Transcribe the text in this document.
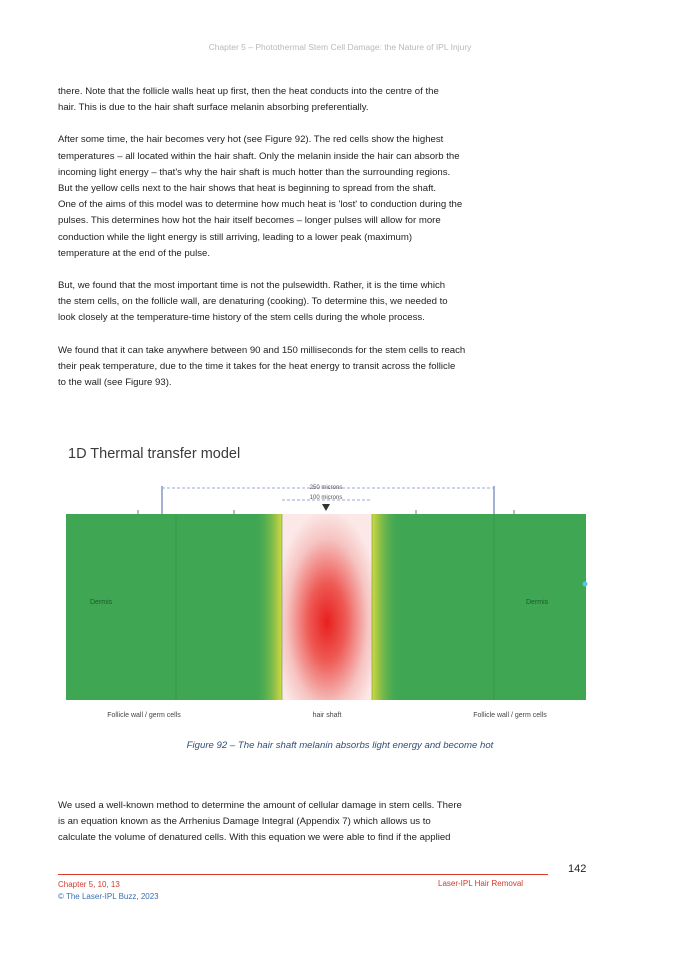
Chapter 5 – Photothermal Stem Cell Damage: the Nature of IPL Injury

there. Note that the follicle walls heat up first, then the heat conducts into the centre of the

hair. This is due to the hair shaft surface melanin absorbing preferentially.

After some time, the hair becomes very hot (see Figure 92). The red cells show the highest

temperatures – all located within the hair shaft. Only the melanin inside the hair can absorb the

incoming light energy – that's why the hair shaft is much hotter than the surrounding regions.

But the yellow cells next to the hair shows that heat is beginning to spread from the shaft.

One of the aims of this model was to determine how much heat is 'lost' to conduction during the

pulses. This determines how hot the hair itself becomes – longer pulses will allow for more

conduction while the light energy is still arriving, leading to a lower peak (maximum)

temperature at the end of the pulse.

But, we found that the most important time is not the pulsewidth. Rather, it is the time which

the stem cells, on the follicle wall, are denaturing (cooking). To determine this, we needed to

look closely at the temperature-time history of the stem cells during the whole process.

We found that it can take anywhere between 90 and 150 milliseconds for the stem cells to reach

their peak temperature, due to the time it takes for the heat energy to transit across the follicle

to the wall (see Figure 93).

1D Thermal transfer model
250 microns
100 microns
Dermis	Dermis
Follicle wall / germ cells	hair shaft	Follicle wall / germ cells
Figure 92 – The hair shaft melanin absorbs light energy and become hot

We used a well-known method to determine the amount of cellular damage in stem cells. There

is an equation known as the Arrhenius Damage Integral (Appendix 7) which allows us to

calculate the volume of denatured cells. With this equation we were able to find if the applied

142
Chapter 5, 10, 13
© The Laser-IPL Buzz, 2023
Laser-IPL Hair Removal
